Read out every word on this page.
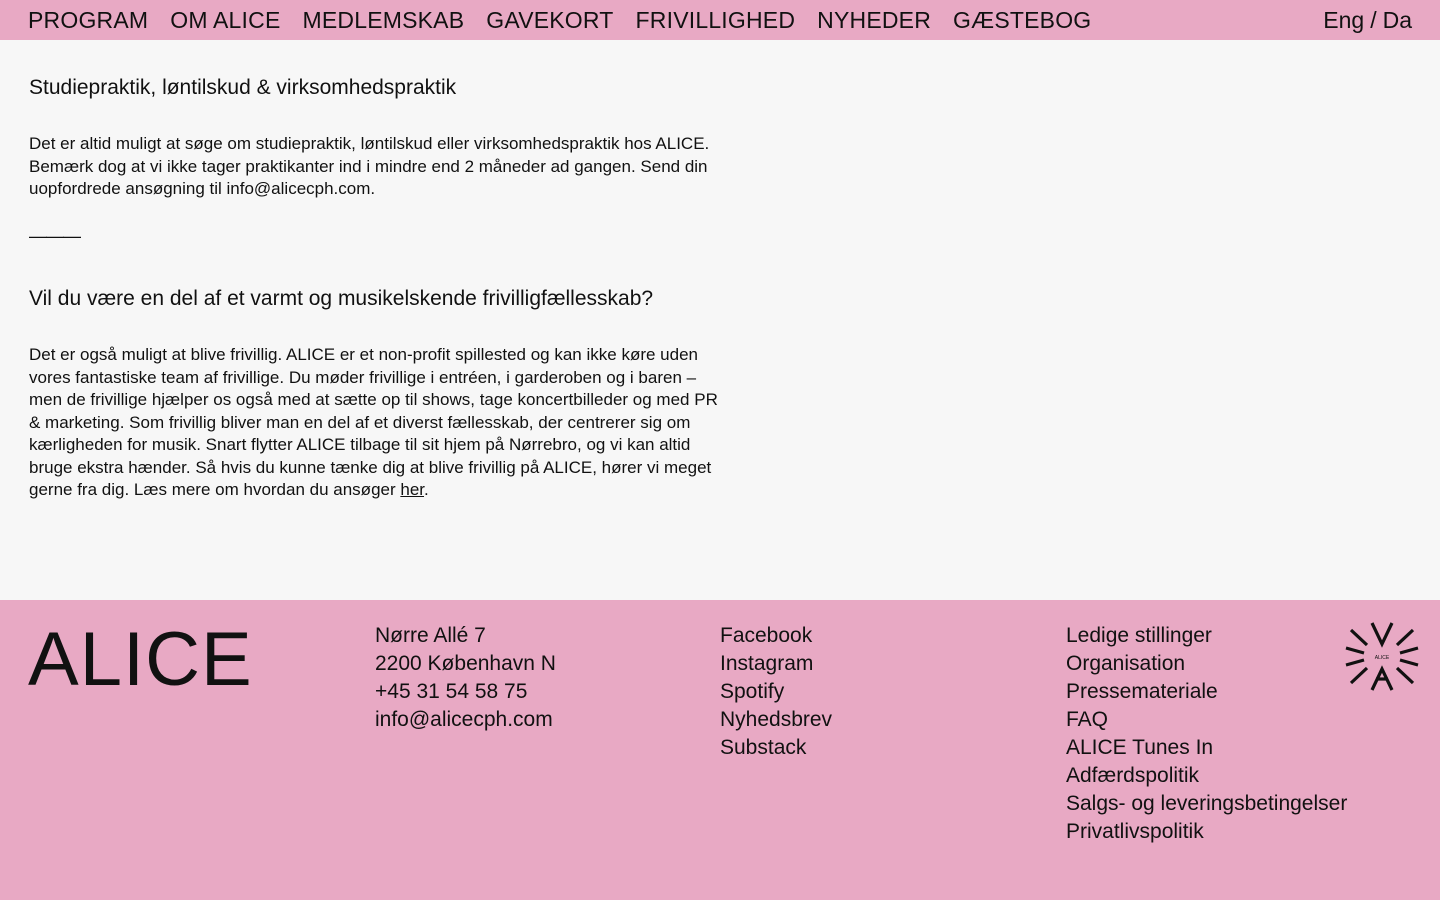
PROGRAM OM ALICE MEDLEMSKAB GAVEKORT FRIVILLIGHED NYHEDER GÆSTEBOG	Eng / Da
Studiepraktik, løntilskud & virksomhedspraktik

Det er altid muligt at søge om studiepraktik, løntilskud eller virksomhedspraktik hos ALICE. Bemærk dog at vi ikke tager praktikanter ind i mindre end 2 måneder ad gangen. Send din uopfordrede ansøgning til info@alicecph.com.

———
Vil du være en del af et varmt og musikelskende frivilligfællesskab?

Det er også muligt at blive frivillig. ALICE er et non-profit spillested og kan ikke køre uden vores fantastiske team af frivillige. Du møder frivillige i entréen, i garderoben og i baren – men de frivillige hjælper os også med at sætte op til shows, tage koncertbilleder og med PR & marketing. Som frivillig bliver man en del af et diverst fællesskab, der centrerer sig om kærligheden for musik. Snart flytter ALICE tilbage til sit hjem på Nørrebro, og vi kan altid bruge ekstra hænder. Så hvis du kunne tænke dig at blive frivillig på ALICE, hører vi meget gerne fra dig. Læs mere om hvordan du ansøger her.

ALICE	Nørre Allé 7
2200 København N
+45 31 54 58 75
info@alicecph.com
Facebook
Instagram
Spotify
Nyhedsbrev
Substack
Ledige stillinger
Organisation
Pressemateriale
FAQ
ALICE Tunes In
Adfærdspolitik
Salgs- og leveringsbetingelser
Privatlivspolitik
ALICE
